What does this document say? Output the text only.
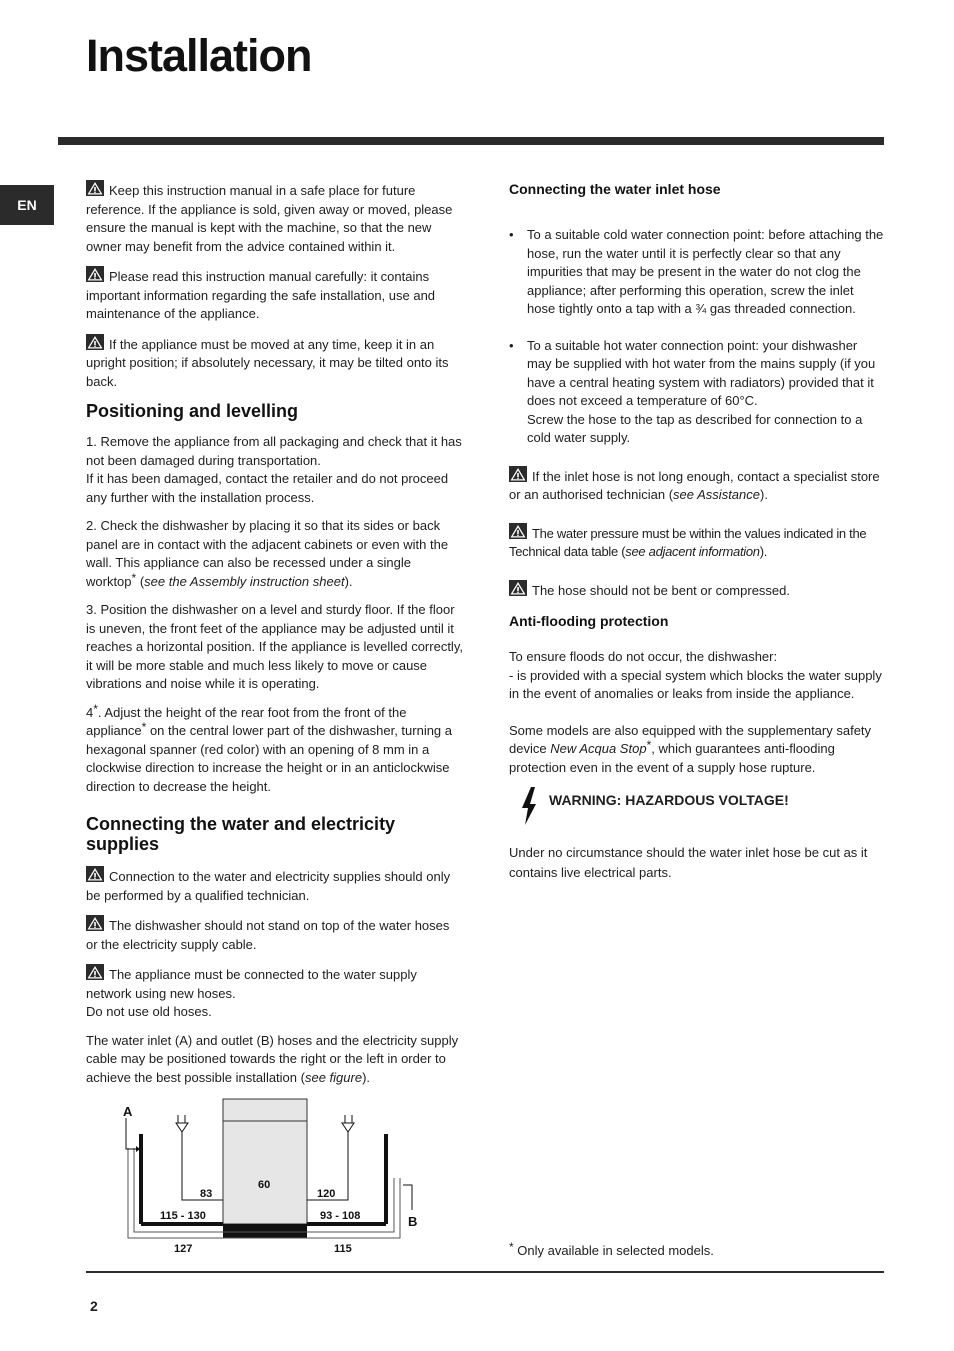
Installation
EN

Keep this instruction manual in a safe place for future reference. If the appliance is sold, given away or moved, please ensure the manual is kept with the machine, so that the new owner may benefit from the advice contained within it.

Please read this instruction manual carefully: it contains important information regarding the safe installation, use and maintenance of the appliance.

If the appliance must be moved at any time, keep it in an upright position; if absolutely necessary, it may be tilted onto its back.

Positioning and levelling

1. Remove the appliance from all packaging and check that it has not been damaged during transportation.
If it has been damaged, contact the retailer and do not proceed any further with the installation process.

2. Check the dishwasher by placing it so that its sides or back panel are in contact with the adjacent cabinets or even with the wall. This appliance can also be recessed under a single worktop* (see the Assembly instruction sheet).

3. Position the dishwasher on a level and sturdy floor. If the floor is uneven, the front feet of the appliance may be adjusted until it reaches a horizontal position. If the appliance is levelled correctly, it will be more stable and much less likely to move or cause vibrations and noise while it is operating.

4*. Adjust the height of the rear foot from the front of the appliance* on the central lower part of the dishwasher, turning a hexagonal spanner (red color) with an opening of 8 mm in a clockwise direction to increase the height or in an anticlockwise direction to decrease the height.

Connecting the water and electricity supplies

Connection to the water and electricity supplies should only be performed by a qualified technician.

The dishwasher should not stand on top of the water hoses or the electricity supply cable.

The appliance must be connected to the water supply network using new hoses.
Do not use old hoses.

The water inlet (A) and outlet (B) hoses and the electricity supply cable may be positioned towards the right or the left in order to achieve the best possible installation (see figure).

A
B
83
60
120
115 - 130	93 - 108
127	115
Connecting the water inlet hose
• To a suitable cold water connection point: before attaching the hose, run the water until it is perfectly clear so that any impurities that may be present in the water do not clog the appliance; after performing this operation, screw the inlet hose tightly onto a tap with a ¾ gas threaded connection.
• To a suitable hot water connection point: your dishwasher may be supplied with hot water from the mains supply (if you have a central heating system with radiators) provided that it does not exceed a temperature of 60°C.
Screw the hose to the tap as described for connection to a cold water supply.

If the inlet hose is not long enough, contact a specialist store or an authorised technician (see Assistance).

The water pressure must be within the values indicated in the Technical data table (see adjacent information).

The hose should not be bent or compressed.

Anti-flooding protection

To ensure floods do not occur, the dishwasher:
- is provided with a special system which blocks the water supply in the event of anomalies or leaks from inside the appliance.

Some models are also equipped with the supplementary safety device New Acqua Stop*, which guarantees anti-flooding protection even in the event of a supply hose rupture.

WARNING: HAZARDOUS VOLTAGE!

Under no circumstance should the water inlet hose be cut as it contains live electrical parts.

* Only available in selected models.
2
